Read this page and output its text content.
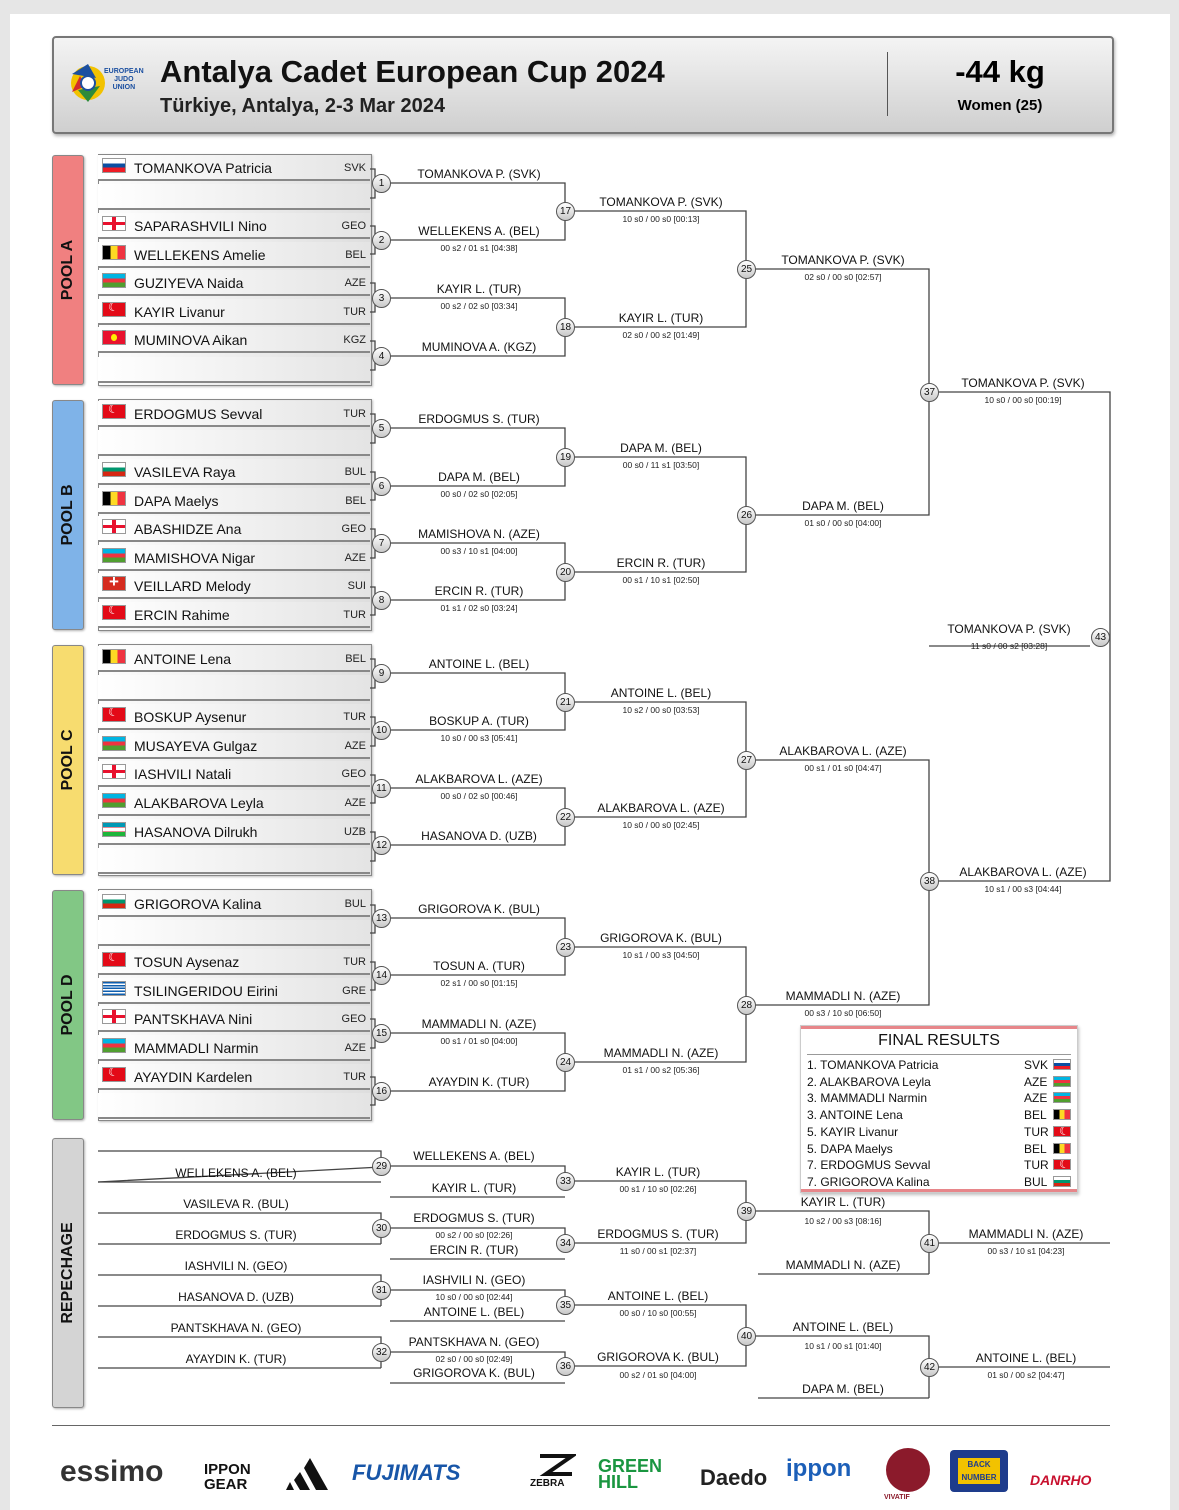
EUROPEAN
JUDO
UNION Antalya Cadet European Cup 2024
Türkiye, Antalya, 2-3 Mar 2024
-44 kg
Women (25)
POOL A
POOL B
POOL C
POOL D
REPECHAGE
TOMANKOVA Patricia	SVK
SAPARASHVILI Nino	GEO
WELLEKENS Amelie	BEL
GUZIYEVA Naida	AZE
☾
KAYIR Livanur	TUR
MUMINOVA Aikan	KGZ
☾
ERDOGMUS Sevval	TUR
VASILEVA Raya	BUL
DAPA Maelys	BEL
ABASHIDZE Ana	GEO
MAMISHOVA Nigar	AZE
+
VEILLARD Melody	SUI
☾
ERCIN Rahime	TUR
ANTOINE Lena	BEL
☾
BOSKUP Aysenur	TUR
MUSAYEVA Gulgaz	AZE
IASHVILI Natali	GEO
ALAKBAROVA Leyla	AZE
HASANOVA Dilrukh	UZB
GRIGOROVA Kalina	BUL
☾
TOSUN Aysenaz	TUR
TSILINGERIDOU Eirini	GRE
PANTSKHAVA Nini	GEO
MAMMADLI Narmin	AZE
☾
AYAYDIN Kardelen	TUR
1
TOMANKOVA P. (SVK)
2
WELLEKENS A. (BEL)
00 s2 / 01 s1 [04:38]
3
KAYIR L. (TUR)
00 s2 / 02 s0 [03:34]
4
MUMINOVA A. (KGZ)
5
ERDOGMUS S. (TUR)
6
DAPA M. (BEL)
00 s0 / 02 s0 [02:05]
7
MAMISHOVA N. (AZE)
00 s3 / 10 s1 [04:00]
8
ERCIN R. (TUR)
01 s1 / 02 s0 [03:24]
9
ANTOINE L. (BEL)
10
BOSKUP A. (TUR)
10 s0 / 00 s3 [05:41]
11
ALAKBAROVA L. (AZE)
00 s0 / 02 s0 [00:46]
12
HASANOVA D. (UZB)
13
GRIGOROVA K. (BUL)
14
TOSUN A. (TUR)
02 s1 / 00 s0 [01:15]
15
MAMMADLI N. (AZE)
00 s1 / 01 s0 [04:00]
16
AYAYDIN K. (TUR)
17
TOMANKOVA P. (SVK)
10 s0 / 00 s0 [00:13]
18
KAYIR L. (TUR)
02 s0 / 00 s2 [01:49]
19
DAPA M. (BEL)
00 s0 / 11 s1 [03:50]
20
ERCIN R. (TUR)
00 s1 / 10 s1 [02:50]
21
ANTOINE L. (BEL)
10 s2 / 00 s0 [03:53]
22
ALAKBAROVA L. (AZE)
10 s0 / 00 s0 [02:45]
23
GRIGOROVA K. (BUL)
10 s1 / 00 s3 [04:50]
24
MAMMADLI N. (AZE)
01 s1 / 00 s2 [05:36]
25
TOMANKOVA P. (SVK)
02 s0 / 00 s0 [02:57]
26
DAPA M. (BEL)
01 s0 / 00 s0 [04:00]
27
ALAKBAROVA L. (AZE)
00 s1 / 01 s0 [04:47]
28
MAMMADLI N. (AZE)
00 s3 / 10 s0 [06:50]
37
TOMANKOVA P. (SVK)
10 s0 / 00 s0 [00:19]
38
ALAKBAROVA L. (AZE)
10 s1 / 00 s3 [04:44]
43
TOMANKOVA P. (SVK)
11 s0 / 00 s2 [03:28]
29
WELLEKENS A. (BEL)
30
ERDOGMUS S. (TUR)
00 s2 / 00 s0 [02:26]
31
IASHVILI N. (GEO)
10 s0 / 00 s0 [02:44]
32
PANTSKHAVA N. (GEO)
02 s0 / 00 s0 [02:49]
33
KAYIR L. (TUR)
00 s1 / 10 s0 [02:26]
34
ERDOGMUS S. (TUR)
11 s0 / 00 s1 [02:37]
35
ANTOINE L. (BEL)
00 s0 / 10 s0 [00:55]
36
GRIGOROVA K. (BUL)
00 s2 / 01 s0 [04:00]
39
KAYIR L. (TUR)
10 s2 / 00 s3 [08:16]
40
ANTOINE L. (BEL)
10 s1 / 00 s1 [01:40]
41
MAMMADLI N. (AZE)
00 s3 / 10 s1 [04:23]
42
ANTOINE L. (BEL)
01 s0 / 00 s2 [04:47]
WELLEKENS A. (BEL)
VASILEVA R. (BUL)
ERDOGMUS S. (TUR)
IASHVILI N. (GEO)
HASANOVA D. (UZB)
PANTSKHAVA N. (GEO)
AYAYDIN K. (TUR)
KAYIR L. (TUR)
ERCIN R. (TUR)
ANTOINE L. (BEL)
GRIGOROVA K. (BUL)
MAMMADLI N. (AZE)
DAPA M. (BEL)
FINAL RESULTS
1. TOMANKOVA Patricia	SVK
2. ALAKBAROVA Leyla	AZE
3. MAMMADLI Narmin	AZE
3. ANTOINE Lena	BEL
5. KAYIR Livanur	TUR
☾
5. DAPA Maelys	BEL
7. ERDOGMUS Sevval	TUR
☾
7. GRIGOROVA Kalina	BUL
essimo	IPPON GEAR	FUJIMATS	ZEBRA
GREEN HILL	Daedo ippon
VIVATIF
BACK NUMBER DANRHO
